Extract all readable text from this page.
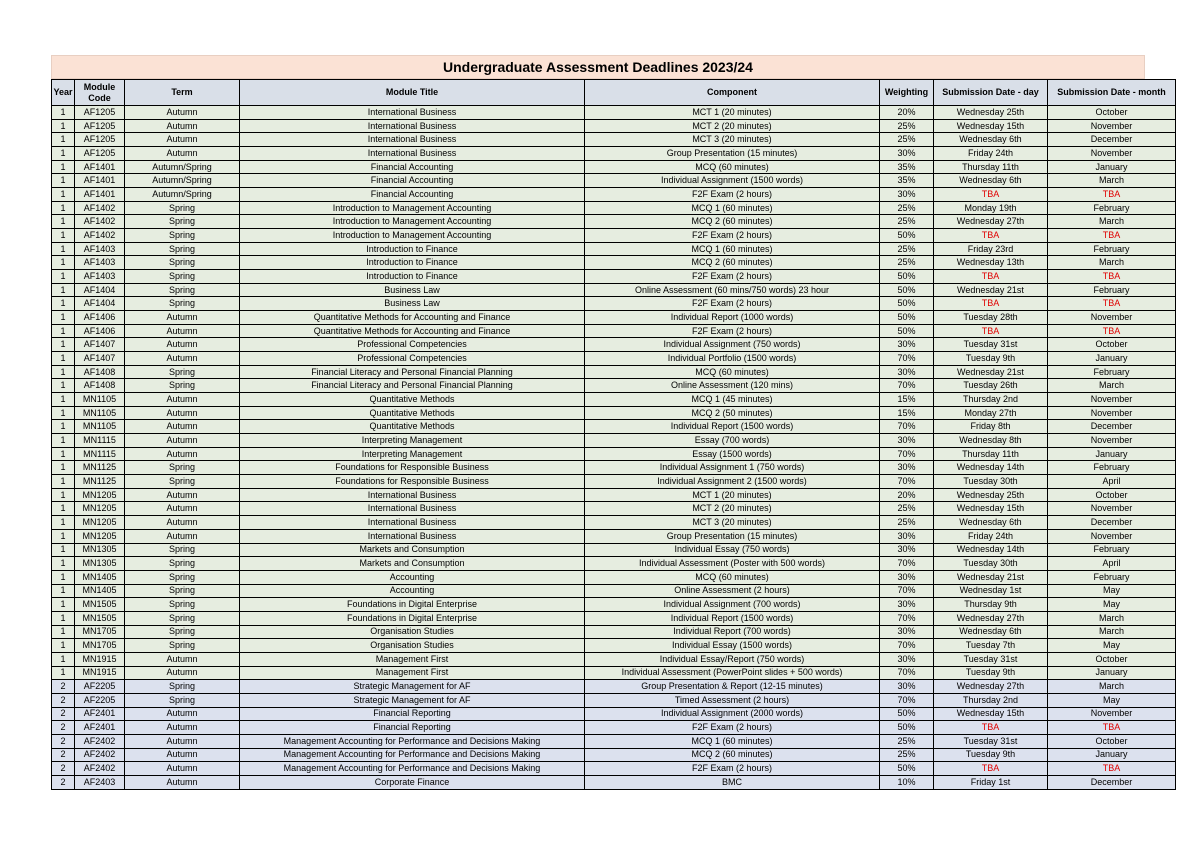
Undergraduate Assessment Deadlines 2023/24
Year	Module Code	Term	Module Title	Component	Weighting	Submission Date - day	Submission Date - month
1	AF1205	Autumn	International Business	MCT 1 (20 minutes)	20%	Wednesday 25th	October
1	AF1205	Autumn	International Business	MCT 2 (20 minutes)	25%	Wednesday 15th	November
1	AF1205	Autumn	International Business	MCT 3 (20 minutes)	25%	Wednesday 6th	December
1	AF1205	Autumn	International Business	Group Presentation (15 minutes)	30%	Friday 24th	November
1	AF1401	Autumn/Spring	Financial Accounting	MCQ (60 minutes)	35%	Thursday 11th	January
1	AF1401	Autumn/Spring	Financial Accounting	Individual Assignment (1500 words)	35%	Wednesday 6th	March
1	AF1401	Autumn/Spring	Financial Accounting	F2F Exam (2 hours)	30%	TBA	TBA
1	AF1402	Spring	Introduction to Management Accounting	MCQ 1 (60 minutes)	25%	Monday 19th	February
1	AF1402	Spring	Introduction to Management Accounting	MCQ 2 (60 minutes)	25%	Wednesday 27th	March
1	AF1402	Spring	Introduction to Management Accounting	F2F Exam (2 hours)	50%	TBA	TBA
1	AF1403	Spring	Introduction to Finance	MCQ 1 (60 minutes)	25%	Friday 23rd	February
1	AF1403	Spring	Introduction to Finance	MCQ 2 (60 minutes)	25%	Wednesday 13th	March
1	AF1403	Spring	Introduction to Finance	F2F Exam (2 hours)	50%	TBA	TBA
1	AF1404	Spring	Business Law	Online Assessment (60 mins/750 words) 23 hour	50%	Wednesday 21st	February
1	AF1404	Spring	Business Law	F2F Exam (2 hours)	50%	TBA	TBA
1	AF1406	Autumn	Quantitative Methods for Accounting and Finance	Individual Report (1000 words)	50%	Tuesday 28th	November
1	AF1406	Autumn	Quantitative Methods for Accounting and Finance	F2F Exam (2 hours)	50%	TBA	TBA
1	AF1407	Autumn	Professional Competencies	Individual Assignment (750 words)	30%	Tuesday 31st	October
1	AF1407	Autumn	Professional Competencies	Individual Portfolio (1500 words)	70%	Tuesday 9th	January
1	AF1408	Spring	Financial Literacy and Personal Financial Planning	MCQ (60 minutes)	30%	Wednesday 21st	February
1	AF1408	Spring	Financial Literacy and Personal Financial Planning	Online Assessment (120 mins)	70%	Tuesday 26th	March
1	MN1105	Autumn	Quantitative Methods	MCQ 1 (45 minutes)	15%	Thursday 2nd	November
1	MN1105	Autumn	Quantitative Methods	MCQ 2 (50 minutes)	15%	Monday 27th	November
1	MN1105	Autumn	Quantitative Methods	Individual Report (1500 words)	70%	Friday 8th	December
1	MN1115	Autumn	Interpreting Management	Essay (700 words)	30%	Wednesday 8th	November
1	MN1115	Autumn	Interpreting Management	Essay (1500 words)	70%	Thursday 11th	January
1	MN1125	Spring	Foundations for Responsible Business	Individual Assignment 1 (750 words)	30%	Wednesday 14th	February
1	MN1125	Spring	Foundations for Responsible Business	Individual Assignment 2 (1500 words)	70%	Tuesday 30th	April
1	MN1205	Autumn	International Business	MCT 1 (20 minutes)	20%	Wednesday 25th	October
1	MN1205	Autumn	International Business	MCT 2 (20 minutes)	25%	Wednesday 15th	November
1	MN1205	Autumn	International Business	MCT 3 (20 minutes)	25%	Wednesday 6th	December
1	MN1205	Autumn	International Business	Group Presentation (15 minutes)	30%	Friday 24th	November
1	MN1305	Spring	Markets and Consumption	Individual Essay (750 words)	30%	Wednesday 14th	February
1	MN1305	Spring	Markets and Consumption	Individual Assessment (Poster with 500 words)	70%	Tuesday 30th	April
1	MN1405	Spring	Accounting	MCQ (60 minutes)	30%	Wednesday 21st	February
1	MN1405	Spring	Accounting	Online Assessment (2 hours)	70%	Wednesday 1st	May
1	MN1505	Spring	Foundations in Digital Enterprise	Individual Assignment (700 words)	30%	Thursday 9th	May
1	MN1505	Spring	Foundations in Digital Enterprise	Individual Report (1500 words)	70%	Wednesday 27th	March
1	MN1705	Spring	Organisation Studies	Individual Report (700 words)	30%	Wednesday 6th	March
1	MN1705	Spring	Organisation Studies	Individual Essay (1500 words)	70%	Tuesday 7th	May
1	MN1915	Autumn	Management First	Individual Essay/Report (750 words)	30%	Tuesday 31st	October
1	MN1915	Autumn	Management First	Individual Assessment (PowerPoint slides + 500 words)	70%	Tuesday 9th	January
2	AF2205	Spring	Strategic Management for AF	Group Presentation & Report (12-15 minutes)	30%	Wednesday 27th	March
2	AF2205	Spring	Strategic Management for AF	Timed Assessment (2 hours)	70%	Thursday 2nd	May
2	AF2401	Autumn	Financial Reporting	Individual Assignment (2000 words)	50%	Wednesday 15th	November
2	AF2401	Autumn	Financial Reporting	F2F Exam (2 hours)	50%	TBA	TBA
2	AF2402	Autumn	Management Accounting for Performance and Decisions Making	MCQ 1 (60 minutes)	25%	Tuesday 31st	October
2	AF2402	Autumn	Management Accounting for Performance and Decisions Making	MCQ 2 (60 minutes)	25%	Tuesday 9th	January
2	AF2402	Autumn	Management Accounting for Performance and Decisions Making	F2F Exam (2 hours)	50%	TBA	TBA
2	AF2403	Autumn	Corporate Finance	BMC	10%	Friday 1st	December
